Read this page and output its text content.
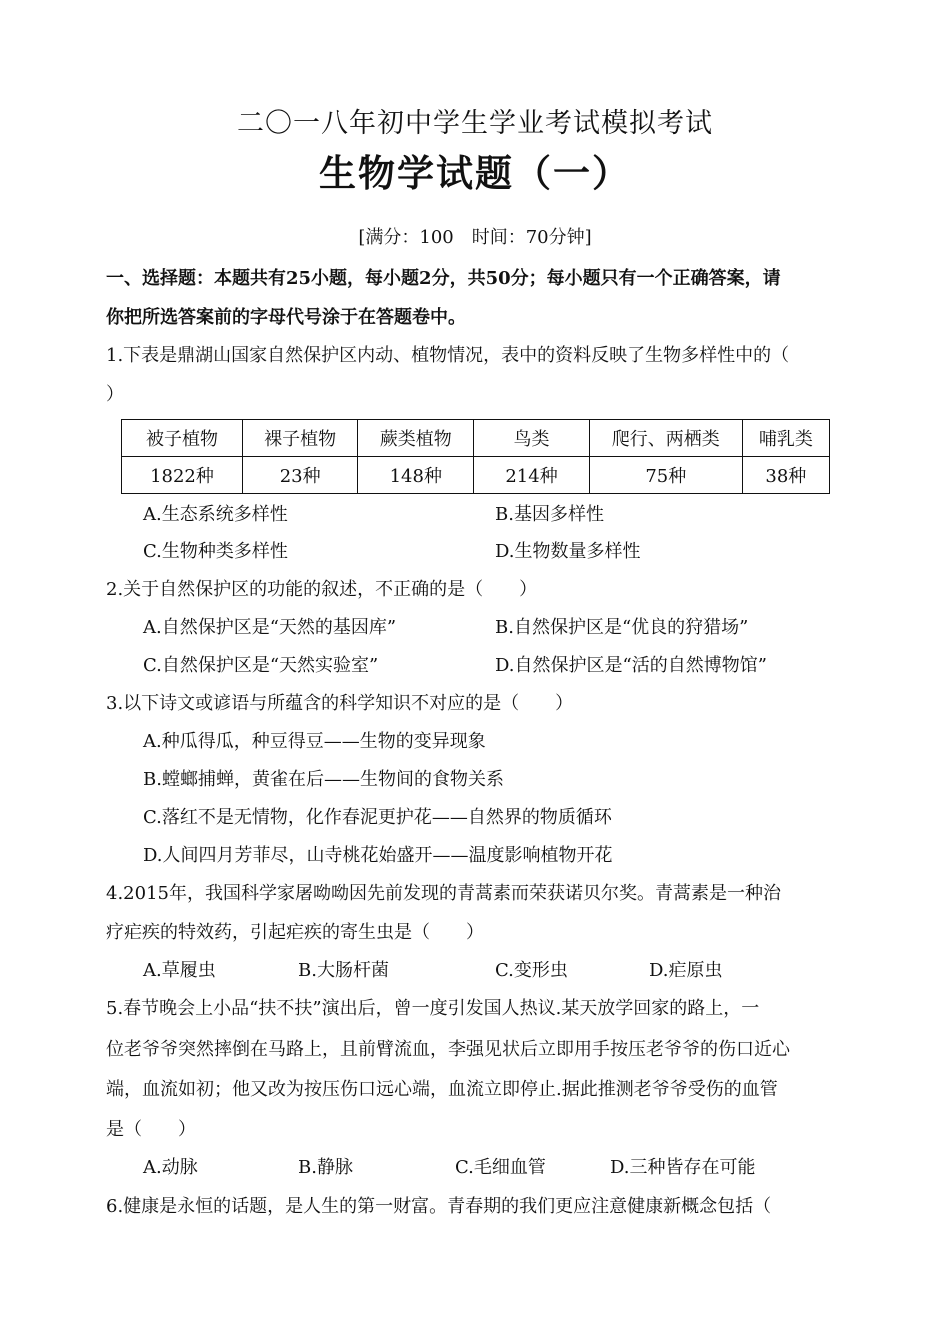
二〇一八年初中学生学业考试模拟考试
生物学试题（一）
[满分：100　时间：70分钟]
一、选择题：本题共有25小题，每小题2分，共50分；每小题只有一个正确答案，请
你把所选答案前的字母代号涂于在答题卷中。
1.下表是鼎湖山国家自然保护区内动、植物情况，表中的资料反映了生物多样性中的（
）
被子植物	裸子植物	蕨类植物	鸟类	爬行、两栖类	哺乳类
1822种	23种	148种	214种	75种	38种
A.生态系统多样性	B.基因多样性
C.生物种类多样性	D.生物数量多样性
2.关于自然保护区的功能的叙述，不正确的是（　　）
A.自然保护区是“天然的基因库”	B.自然保护区是“优良的狩猎场”
C.自然保护区是“天然实验室”	D.自然保护区是“活的自然博物馆”
3.以下诗文或谚语与所蕴含的科学知识不对应的是（　　）
A.种瓜得瓜，种豆得豆——生物的变异现象
B.螳螂捕蝉，黄雀在后——生物间的食物关系
C.落红不是无情物，化作春泥更护花——自然界的物质循环
D.人间四月芳菲尽，山寺桃花始盛开——温度影响植物开花
4.2015年，我国科学家屠呦呦因先前发现的青蒿素而荣获诺贝尔奖。青蒿素是一种治
疗疟疾的特效药，引起疟疾的寄生虫是（　　）
A.草履虫	B.大肠杆菌	C.变形虫	D.疟原虫
5.春节晚会上小品“扶不扶”演出后，曾一度引发国人热议.某天放学回家的路上，一
位老爷爷突然摔倒在马路上，且前臂流血，李强见状后立即用手按压老爷爷的伤口近心
端，血流如初；他又改为按压伤口远心端，血流立即停止.据此推测老爷爷受伤的血管
是（　　）
A.动脉	B.静脉	C.毛细血管	D.三种皆存在可能
6.健康是永恒的话题，是人生的第一财富。青春期的我们更应注意健康新概念包括（
